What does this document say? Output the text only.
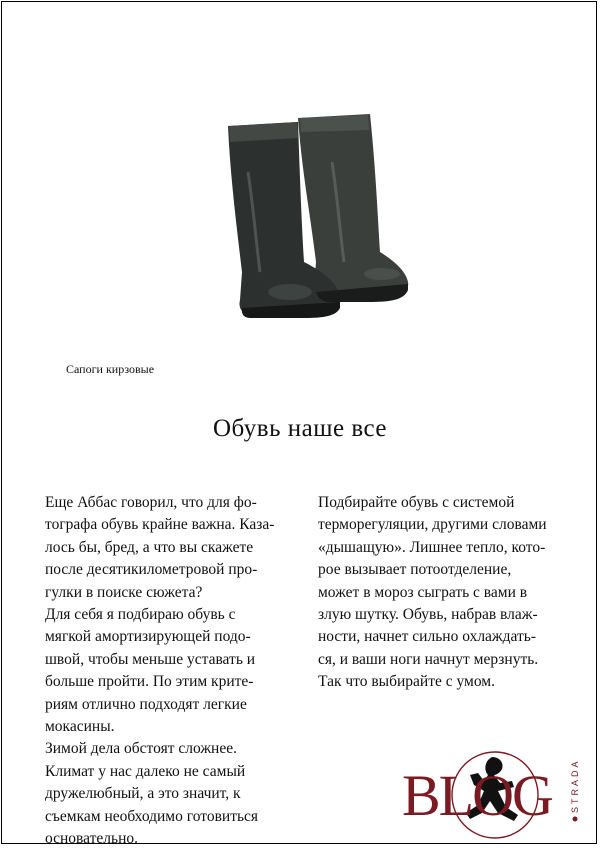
Сапоги кирзовые
Обувь наше все

Еще Аббас говорил, что для фо-
тографа обувь крайне важна. Каза-
лось бы, бред, а что вы скажете
после десятикилометровой про-
гулки в поиске сюжета?

Для себя я подбираю обувь с
мягкой амортизирующей подо-
швой, чтобы меньше уставать и
больше пройти. По этим крите-
риям отлично подходят легкие
мокасины.

Зимой дела обстоят сложнее.
Климат у нас далеко не самый
дружелюбный, а это значит, к
съемкам необходимо готовиться
основательно.

Подбирайте обувь с системой
терморегуляции, другими словами
«дышащую». Лишнее тепло, кото-
рое вызывает потоотделение,
может в мороз сыграть с вами в
злую шутку. Обувь, набрав влаж-
ности, начнет сильно охлаждать-
ся, и ваши ноги начнут мерзнуть.
Так что выбирайте с умом.

BLOG STRADA
